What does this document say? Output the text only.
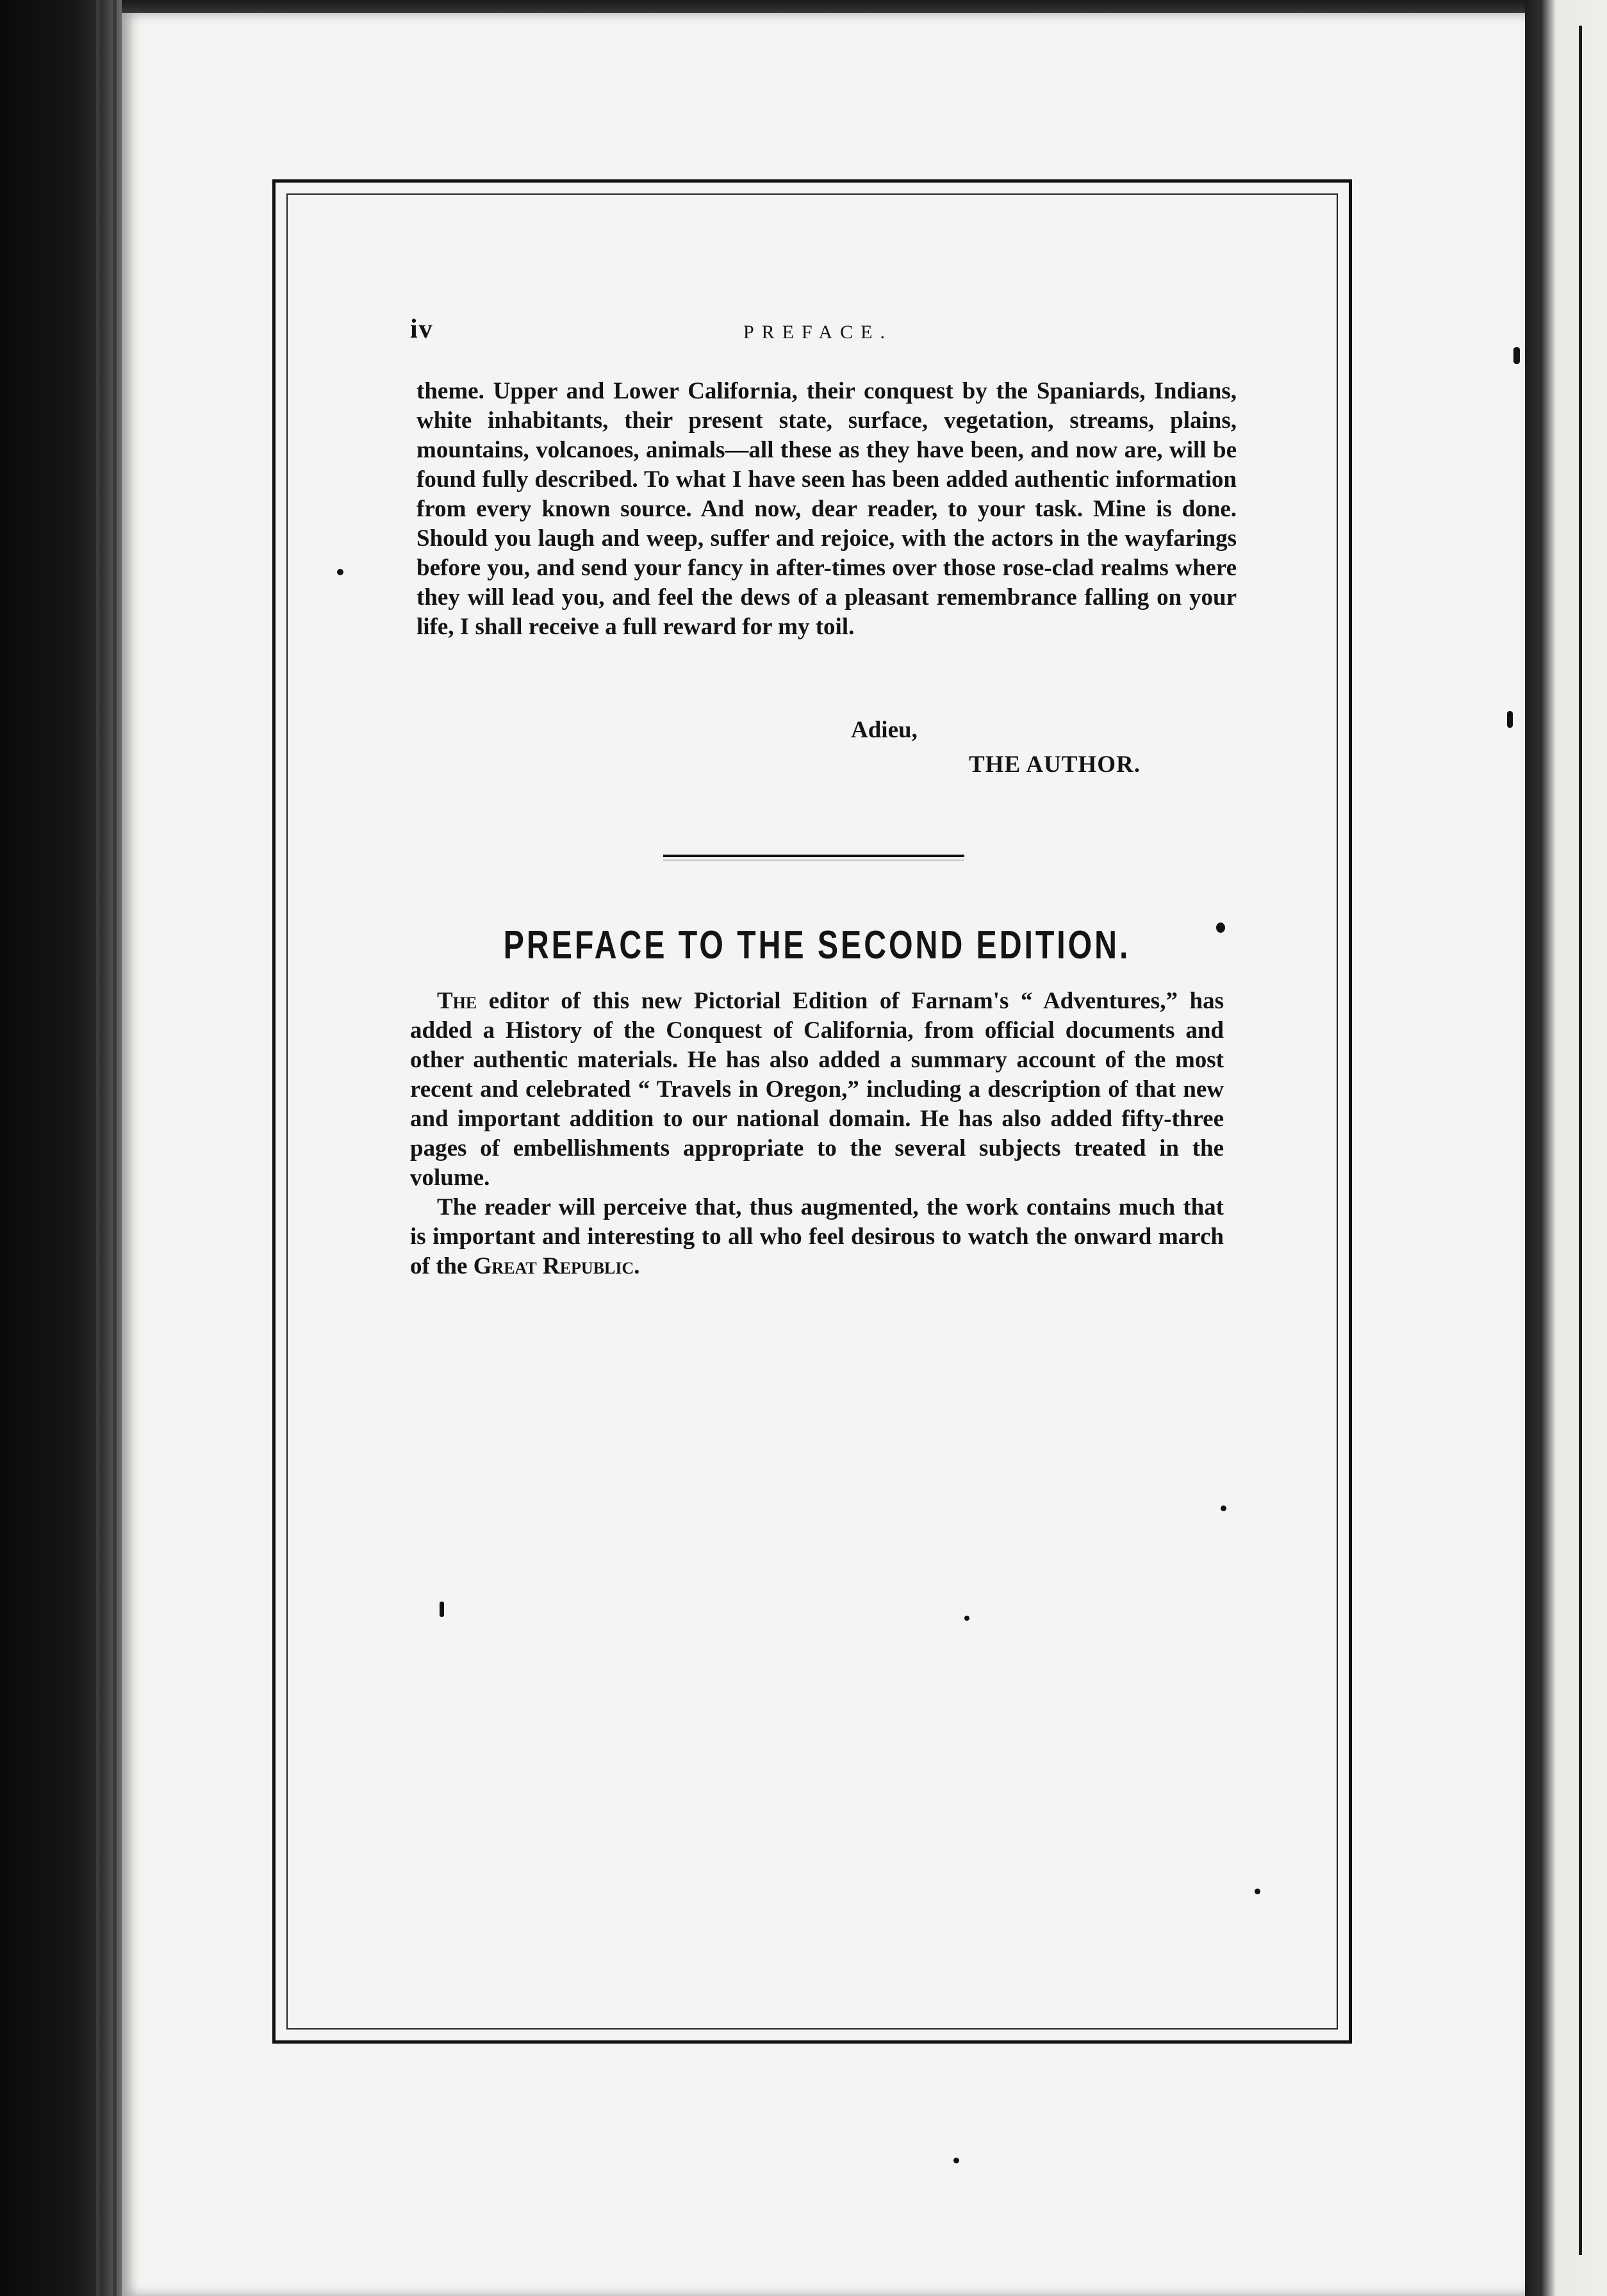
iv	PREFACE.

theme. Upper and Lower California, their conquest by the Spaniards, Indians, white inhabitants, their present state, surface, vegetation, streams, plains, mountains, volcanoes, animals—all these as they have been, and now are, will be found fully described. To what I have seen has been added authentic information from every known source. And now, dear reader, to your task. Mine is done. Should you laugh and weep, suffer and rejoice, with the actors in the wayfarings before you, and send your fancy in after-times over those rose-clad realms where they will lead you, and feel the dews of a pleasant remembrance falling on your life, I shall receive a full reward for my toil.

Adieu,
THE AUTHOR.
PREFACE TO THE SECOND EDITION.

The editor of this new Pictorial Edition of Farnam's “ Adventures,” has added a History of the Conquest of California, from official documents and other authentic materials. He has also added a summary account of the most recent and celebrated “ Travels in Oregon,” including a description of that new and important addition to our national domain. He has also added fifty-three pages of embellishments appropriate to the several subjects treated in the volume.

The reader will perceive that, thus augmented, the work contains much that is important and interesting to all who feel desirous to watch the onward march of the Great Republic.
